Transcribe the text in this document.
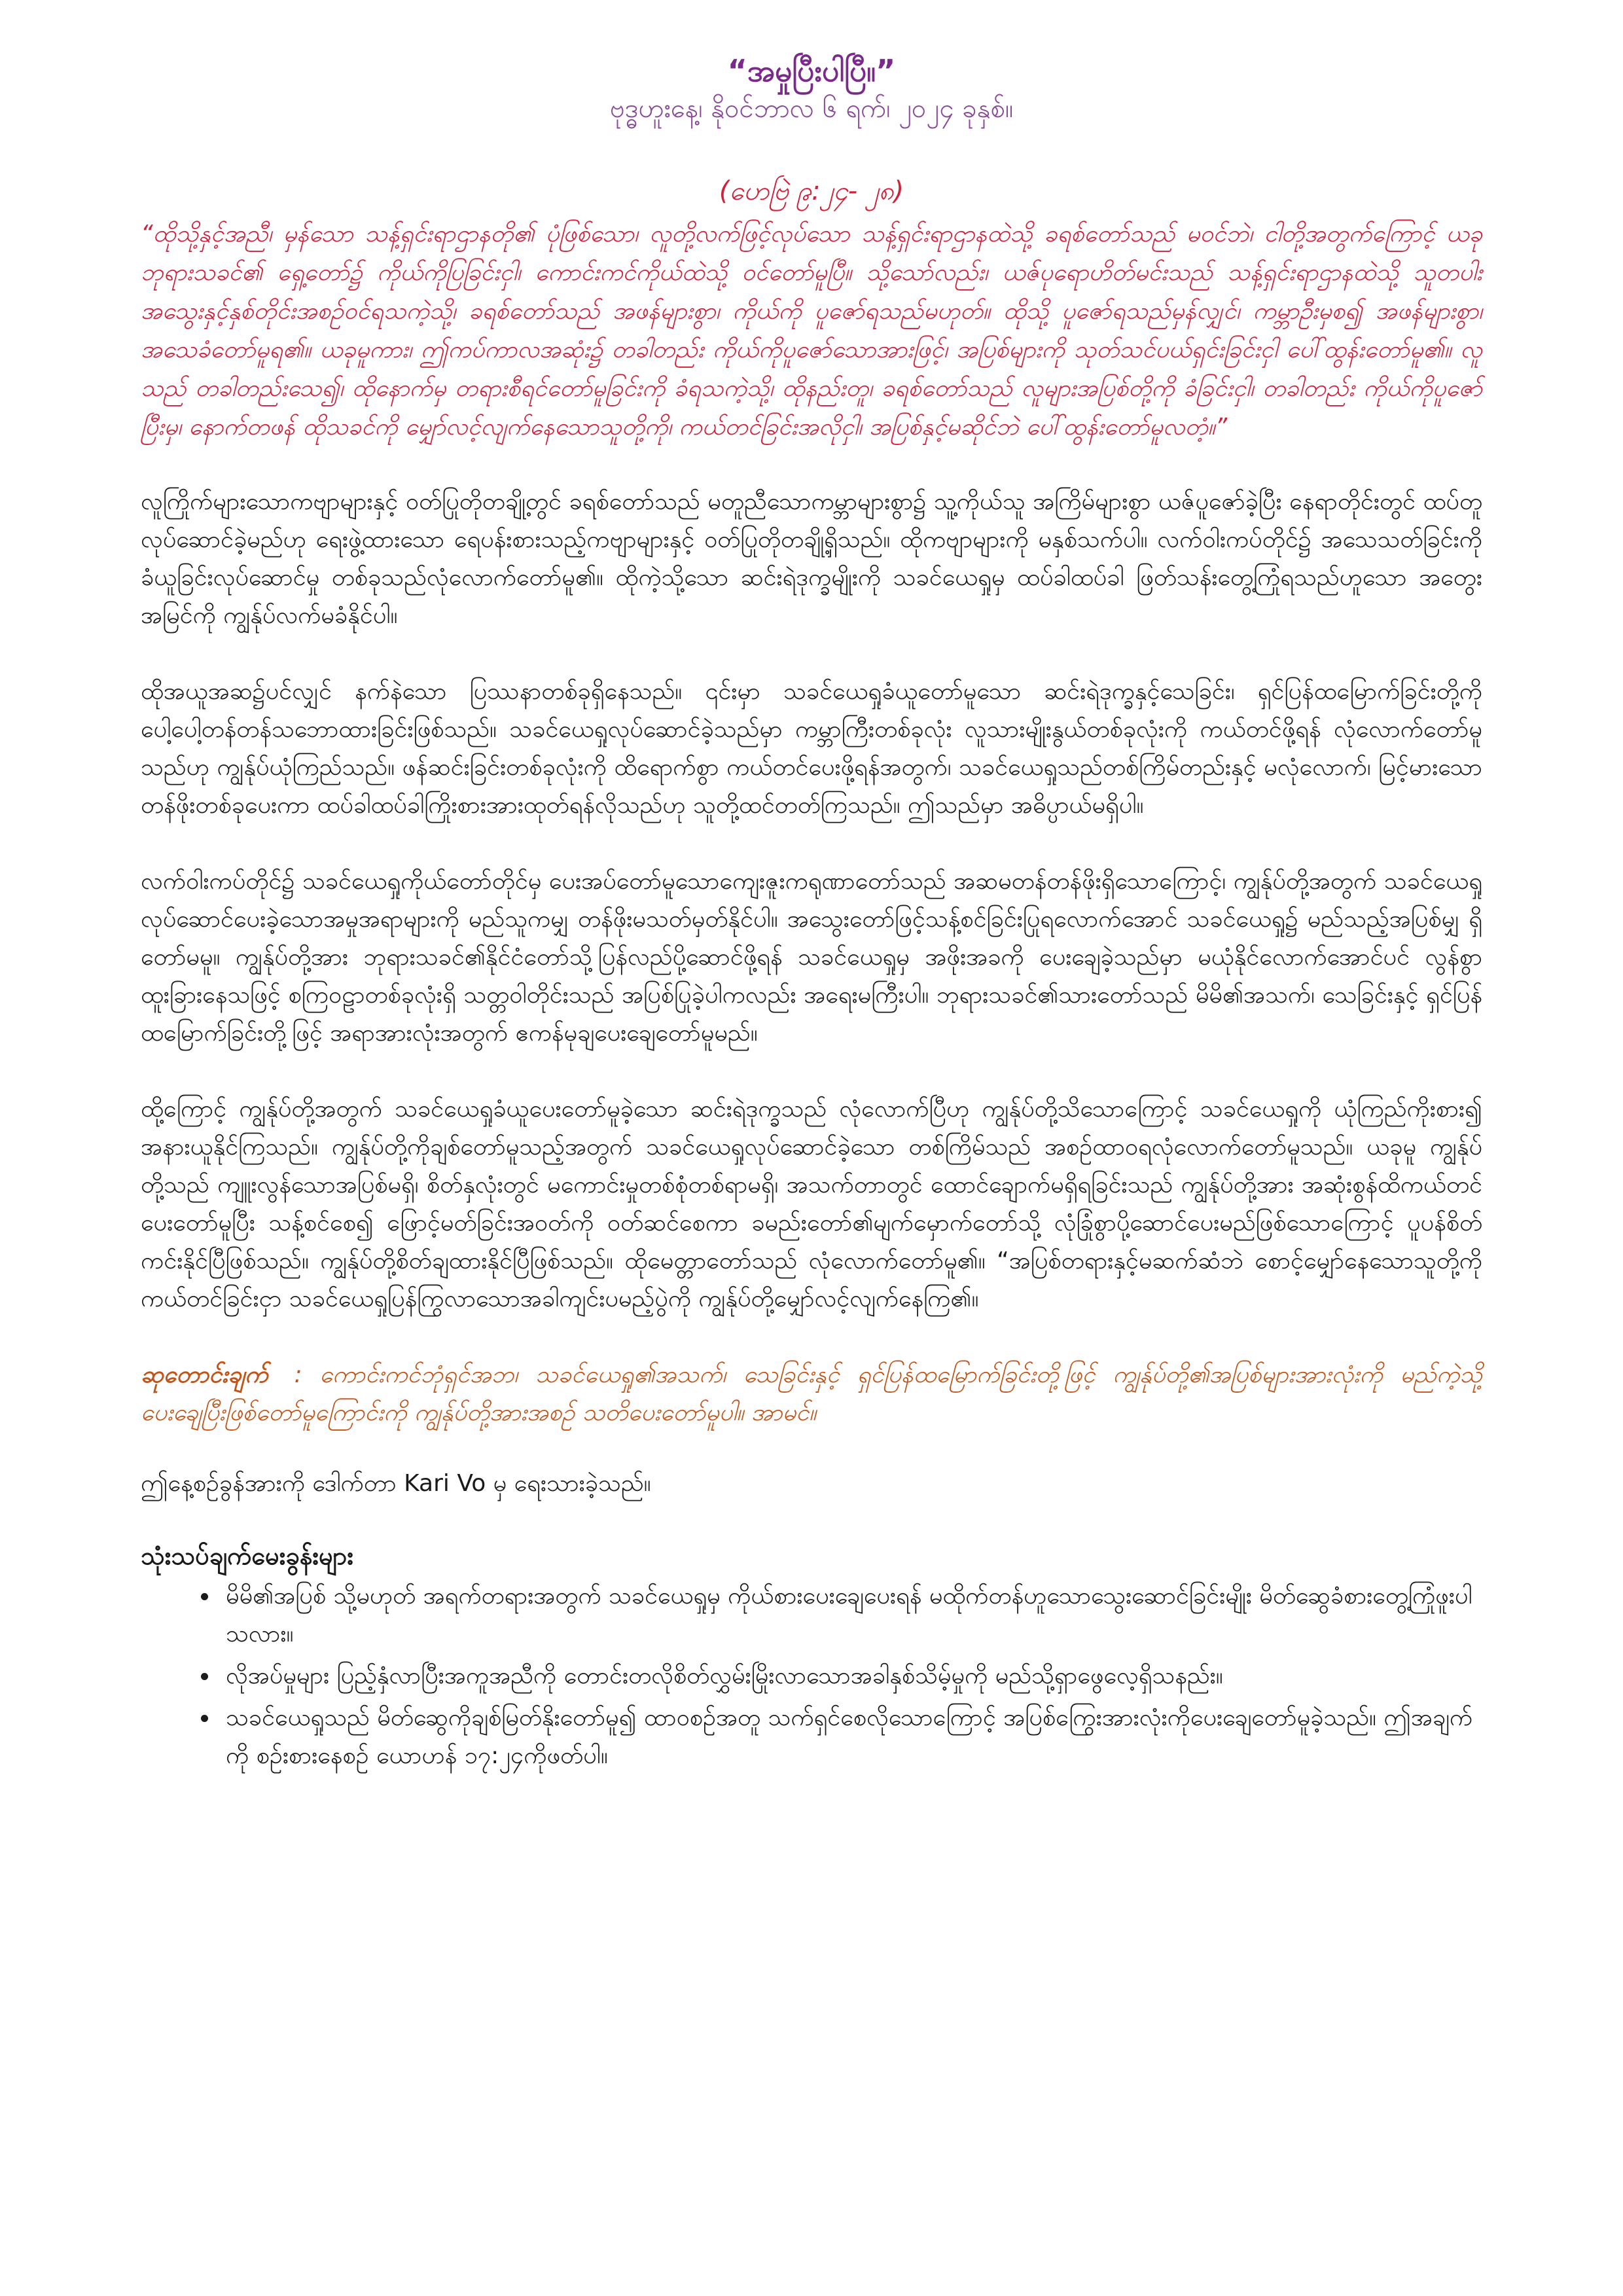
“အမှုပြီးပါပြီ။”

ဗုဒ္ဓဟူးနေ့၊ နိုဝင်ဘာလ ၆ ရက်၊ ၂၀၂၄ ခုနှစ်။

(ဟေဗြဲ ၉:၂၄- ၂၈)

“ထိုသို့နှင့်အညီ၊ မှန်သော သန့်ရှင်းရာဌာနတို၏ ပုံဖြစ်သော၊ လူတို့လက်ဖြင့်လုပ်သော သန့်ရှင်းရာဌာနထဲသို့ ခရစ်တော်သည် မဝင်ဘဲ၊ ငါတို့အတွက်ကြောင့် ယခုဘုရားသခင်၏ ရှေ့တော်၌ ကိုယ်ကိုပြခြင်းငှါ၊ ကောင်းကင်ကိုယ်ထဲသို့ ဝင်တော်မူပြီ။ သို့သော်လည်း၊ ယဇ်ပုရောဟိတ်မင်းသည် သန့်ရှင်းရာဌာနထဲသို့ သူတပါးအသွေးနှင့်နှစ်တိုင်းအစဉ်ဝင်ရသကဲ့သို့၊ ခရစ်တော်သည် အဖန်များစွာ၊ ကိုယ်ကို ပူဇော်ရသည်မဟုတ်။ ထိုသို့ ပူဇော်ရသည်မှန်လျှင်၊ ကမ္ဘာဦးမှစ၍ အဖန်များစွာ၊ အသေခံတော်မူရ၏။ ယခုမူကား၊ ဤကပ်ကာလအဆုံး၌ တခါတည်း ကိုယ်ကိုပူဇော်သောအားဖြင့်၊ အပြစ်များကို သုတ်သင်ပယ်ရှင်းခြင်းငှါ ပေါ်ထွန်းတော်မူ၏။ လူသည် တခါတည်းသေ၍၊ ထိုနောက်မှ တရားစီရင်တော်မူခြင်းကို ခံရသကဲ့သို့၊ ထိုနည်းတူ၊ ခရစ်တော်သည် လူများအပြစ်တို့ကို ခံခြင်းငှါ၊ တခါတည်း ကိုယ်ကိုပူဇော်ပြီးမှ၊ နောက်တဖန် ထိုသခင်ကို မျှော်လင့်လျက်နေသောသူတို့ကို၊ ကယ်တင်ခြင်းအလိုငှါ၊ အပြစ်နှင့်မဆိုင်ဘဲ ပေါ်ထွန်းတော်မူလတံ့။”

လူကြိုက်များသောကဗျာများနှင့် ဝတ်ပြုတိုတချို့တွင် ခရစ်တော်သည် မတူညီသောကမ္ဘာများစွာ၌ သူ့ကိုယ်သူ အကြိမ်များစွာ ယဇ်ပူဇော်ခဲ့ပြီး နေရာတိုင်းတွင် ထပ်တူလုပ်ဆောင်ခဲ့မည်ဟု ရေးဖွဲ့ထားသော ရေပန်းစားသည့်ကဗျာများနှင့် ဝတ်ပြုတိုတချို့ရှိသည်။ ထိုကဗျာများကို မနှစ်သက်ပါ။ လက်ဝါးကပ်တိုင်၌ အသေသတ်ခြင်းကိုခံယူခြင်းလုပ်ဆောင်မှု တစ်ခုသည်လုံလောက်တော်မူ၏။ ထိုကဲ့သို့သော ဆင်းရဲဒုက္ခမျိုးကို သခင်ယေရှုမှ ထပ်ခါထပ်ခါ ဖြတ်သန်းတွေ့ကြုံရသည်ဟူသော အတွေးအမြင်ကို ကျွန်ုပ်လက်မခံနိုင်ပါ။

ထိုအယူအဆ၌ပင်လျှင် နက်နဲသော ပြဿနာတစ်ခုရှိနေသည်။ ၎င်းမှာ သခင်ယေရှုခံယူတော်မူသော ဆင်းရဲဒုက္ခနှင့်သေခြင်း၊ ရှင်ပြန်ထမြောက်ခြင်းတို့ကို ပေါ့ပေါ့တန်တန်သဘောထားခြင်းဖြစ်သည်။ သခင်ယေရှုလုပ်ဆောင်ခဲ့သည်မှာ ကမ္ဘာကြီးတစ်ခုလုံး လူသားမျိုးနွယ်တစ်ခုလုံးကို ကယ်တင်ဖို့ရန် လုံလောက်တော်မူသည်ဟု ကျွန်ုပ်ယုံကြည်သည်။ ဖန်ဆင်းခြင်းတစ်ခုလုံးကို ထိရောက်စွာ ကယ်တင်ပေးဖို့ရန်အတွက်၊ သခင်ယေရှုသည်တစ်ကြိမ်တည်းနှင့် မလုံလောက်၊ မြင့်မားသောတန်ဖိုးတစ်ခုပေးကာ ထပ်ခါထပ်ခါကြိုးစားအားထုတ်ရန်လိုသည်ဟု သူတို့ထင်တတ်ကြသည်။ ဤသည်မှာ အဓိပ္ပာယ်မရှိပါ။

လက်ဝါးကပ်တိုင်၌ သခင်ယေရှုကိုယ်တော်တိုင်မှ ပေးအပ်တော်မူသောကျေးဇူးကရုဏာတော်သည် အဆမတန်တန်ဖိုးရှိသောကြောင့်၊ ကျွန်ုပ်တို့အတွက် သခင်ယေရှုလုပ်ဆောင်ပေးခဲ့သောအမှုအရာများကို မည်သူကမျှ တန်ဖိုးမသတ်မှတ်နိုင်ပါ။ အသွေးတော်ဖြင့်သန့်စင်ခြင်းပြုရလောက်အောင် သခင်ယေရှု၌ မည်သည့်အပြစ်မျှ ရှိတော်မမူ။ ကျွန်ုပ်တို့အား ဘုရားသခင်၏နိုင်ငံတော်သို့ပြန်လည်ပို့ဆောင်ဖို့ရန် သခင်ယေရှုမှ အဖိုးအခကို ပေးချေခဲ့သည်မှာ မယုံနိုင်လောက်အောင်ပင် လွန်စွာထူးခြားနေသဖြင့် စကြဝဠာတစ်ခုလုံးရှိ သတ္တဝါတိုင်းသည် အပြစ်ပြုခဲ့ပါကလည်း အရေးမကြီးပါ။ ဘုရားသခင်၏သားတော်သည် မိမိ၏အသက်၊ သေခြင်းနှင့် ရှင်ပြန်ထမြောက်ခြင်းတို့ဖြင့် အရာအားလုံးအတွက် ဧကန်မုချပေးချေတော်မူမည်။

ထို့ကြောင့် ကျွန်ုပ်တို့အတွက် သခင်ယေရှုခံယူပေးတော်မူခဲ့သော ဆင်းရဲဒုက္ခသည် လုံလောက်ပြီဟု ကျွန်ုပ်တို့သိသောကြောင့် သခင်ယေရှုကို ယုံကြည်ကိုးစား၍ အနားယူနိုင်ကြသည်။ ကျွန်ုပ်တို့ကိုချစ်တော်မူသည့်အတွက် သခင်ယေရှုလုပ်ဆောင်ခဲ့သော တစ်ကြိမ်သည် အစဉ်ထာဝရလုံလောက်တော်မူသည်။ ယခုမူ ကျွန်ုပ်တို့သည် ကျူးလွန်သောအပြစ်မရှိ၊ စိတ်နှလုံးတွင် မကောင်းမှုတစ်စုံတစ်ရာမရှိ၊ အသက်တာတွင် ထောင်ချောက်မရှိရခြင်းသည် ကျွန်ုပ်တို့အား အဆုံးစွန်ထိကယ်တင်ပေးတော်မူပြီး သန့်စင်စေ၍ ဖြောင့်မတ်ခြင်းအဝတ်ကို ဝတ်ဆင်စေကာ ခမည်းတော်၏မျက်မှောက်တော်သို့ လုံခြုံစွာပို့ဆောင်ပေးမည်ဖြစ်သောကြောင့် ပူပန်စိတ်ကင်းနိုင်ပြီဖြစ်သည်။ ကျွန်ုပ်တို့စိတ်ချထားနိုင်ပြီဖြစ်သည်။ ထိုမေတ္တာတော်သည် လုံလောက်တော်မူ၏။ “အပြစ်တရားနှင့်မဆက်ဆံဘဲ စောင့်မျှော်နေသောသူတို့ကို ကယ်တင်ခြင်းငှာ သခင်ယေရှုပြန်ကြွလာသောအခါကျင်းပမည့်ပွဲကို ကျွန်ုပ်တို့မျှော်လင့်လျက်နေကြ၏။

ဆုတောင်းချက် : ကောင်းကင်ဘုံရှင်အဘ၊ သခင်ယေရှု၏အသက်၊ သေခြင်းနှင့် ရှင်ပြန်ထမြောက်ခြင်းတို့ဖြင့် ကျွန်ုပ်တို့၏အပြစ်များအားလုံးကို မည်ကဲ့သို့ပေးချေပြီးဖြစ်တော်မူကြောင်းကို ကျွန်ုပ်တို့အားအစဉ် သတိပေးတော်မူပါ။ အာမင်။

ဤနေ့စဉ်ခွန်အားကို ဒေါက်တာ Kari Vo မှ ရေးသားခဲ့သည်။

သုံးသပ်ချက်မေးခွန်းများ

• မိမိ၏အပြစ် သို့မဟုတ် အရက်တရားအတွက် သခင်ယေရှုမှ ကိုယ်စားပေးချေပေးရန် မထိုက်တန်ဟူသောသွေးဆောင်ခြင်းမျိုး မိတ်ဆွေခံစားတွေ့ကြုံဖူးပါသလား။
• လိုအပ်မှုများ ပြည့်နှံလာပြီးအကူအညီကို တောင်းတလိုစိတ်လွှမ်းမြိုးလာသောအခါနှစ်သိမ့်မှုကို မည်သို့ရှာဖွေလေ့ရှိသနည်း။
• သခင်ယေရှုသည် မိတ်ဆွေကိုချစ်မြတ်နိုးတော်မူ၍ ထာဝစဉ်အတူ သက်ရှင်စေလိုသောကြောင့် အပြစ်ကြွေးအားလုံးကိုပေးချေတော်မူခဲ့သည်။ ဤအချက်ကို စဉ်းစားနေစဉ် ယောဟန် ၁၇:၂၄ကိုဖတ်ပါ။
